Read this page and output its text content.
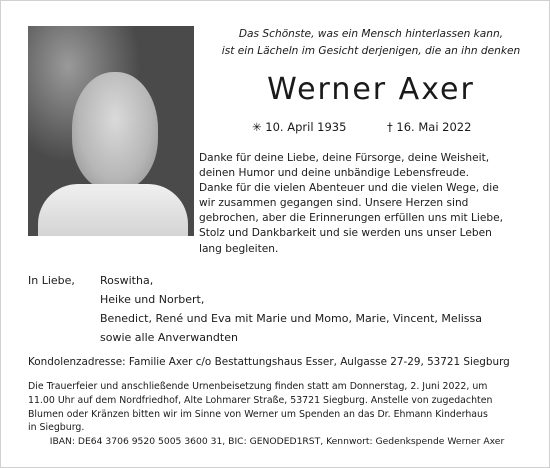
Das Schönste, was ein Mensch hinterlassen kann,
ist ein Lächeln im Gesicht derjenigen, die an ihn denken
Werner Axer
✳ 10. April 1935	† 16. Mai 2022
Danke für deine Liebe, deine Fürsorge, deine Weisheit,
deinen Humor und deine unbändige Lebensfreude.
Danke für die vielen Abenteuer und die vielen Wege, die
wir zusammen gegangen sind. Unsere Herzen sind
gebrochen, aber die Erinnerungen erfüllen uns mit Liebe,
Stolz und Dankbarkeit und sie werden uns unser Leben
lang begleiten.
In Liebe, Roswitha,
Heike und Norbert,
Benedict, René und Eva mit Marie und Momo, Marie, Vincent, Melissa
sowie alle Anverwandten
Kondolenzadresse: Familie Axer c/o Bestattungshaus Esser, Aulgasse 27-29, 53721 Siegburg
Die Trauerfeier und anschließende Urnenbeisetzung finden statt am Donnerstag, 2. Juni 2022, um
11.00 Uhr auf dem Nordfriedhof, Alte Lohmarer Straße, 53721 Siegburg. Anstelle von zugedachten
Blumen oder Kränzen bitten wir im Sinne von Werner um Spenden an das Dr. Ehmann Kinderhaus
in Siegburg.
IBAN: DE64 3706 9520 5005 3600 31, BIC: GENODED1RST, Kennwort: Gedenkspende Werner Axer
